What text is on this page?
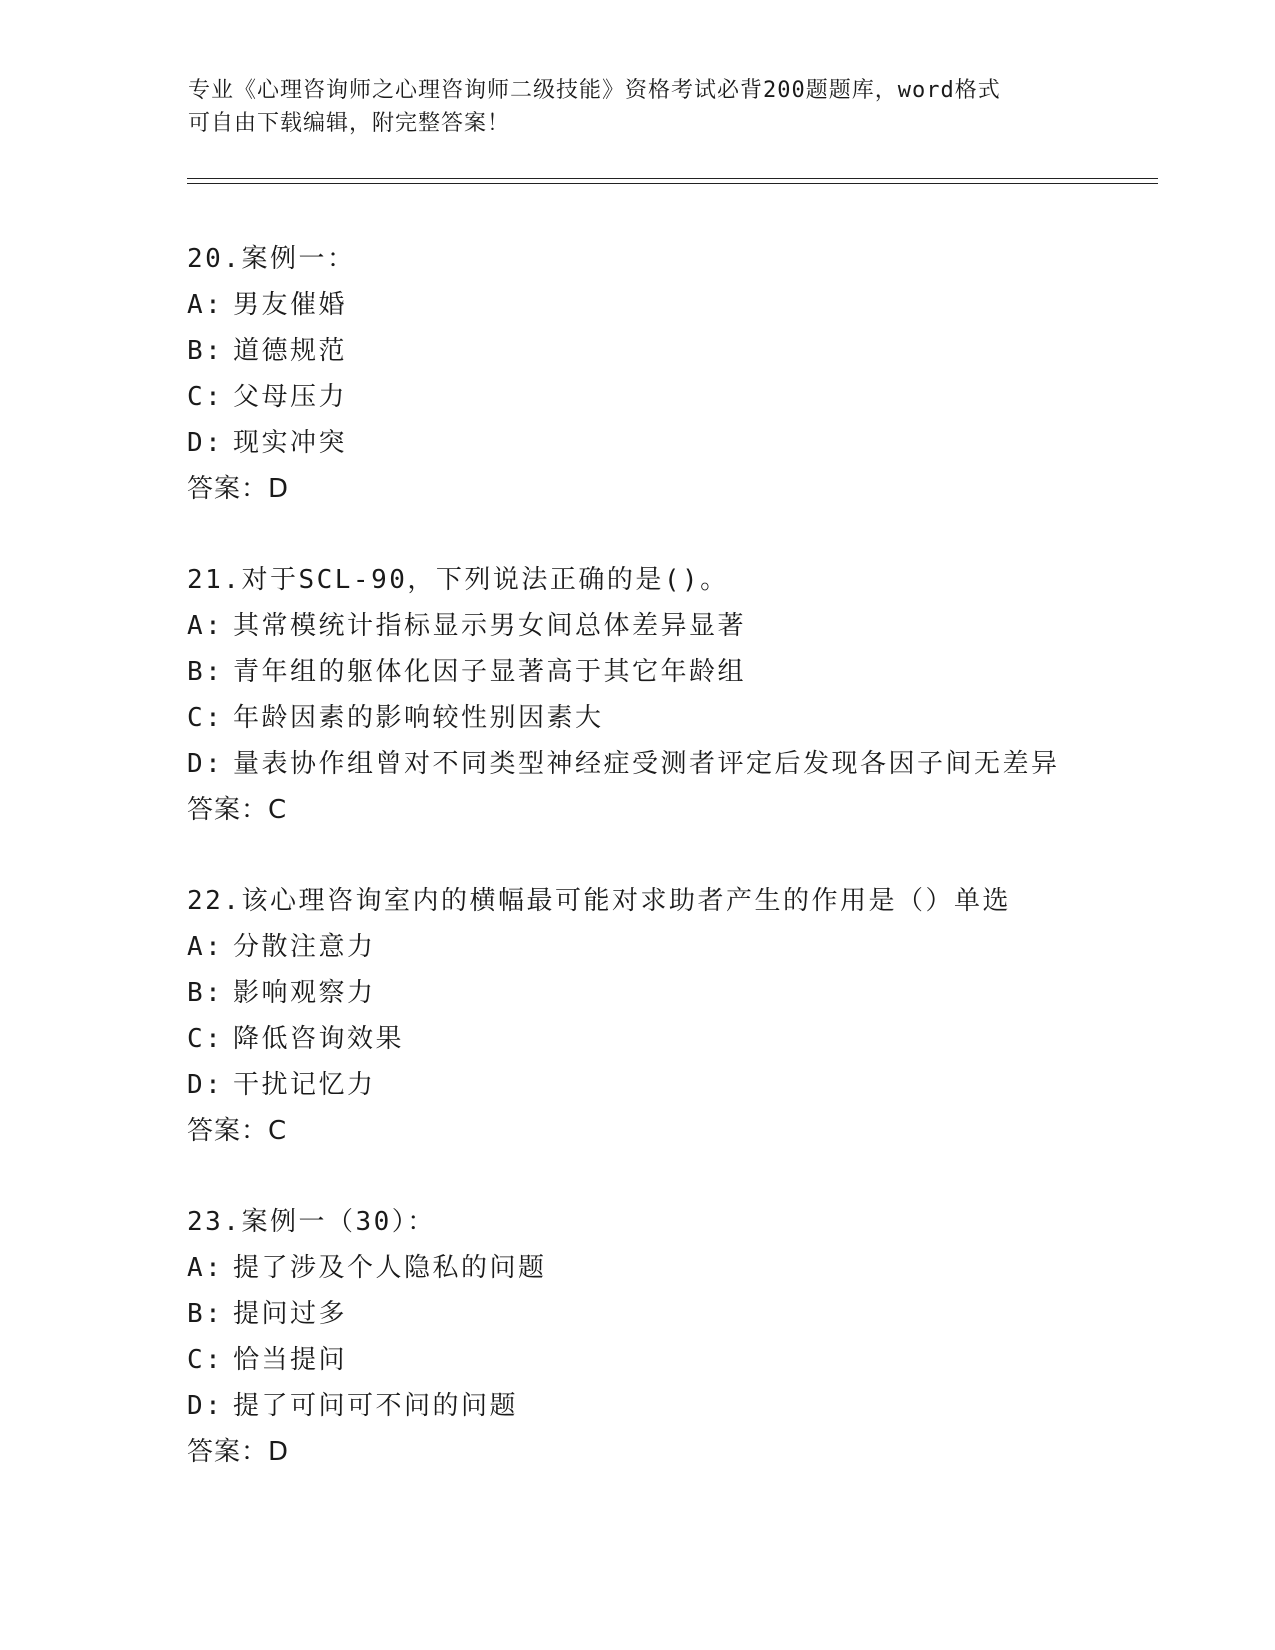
专业《心理咨询师之心理咨询师二级技能》资格考试必背200题题库，word格式
可自由下载编辑，附完整答案！
20.案例一：
A: 男友催婚
B: 道德规范
C: 父母压力
D: 现实冲突
答案：D
21.对于SCL-90，下列说法正确的是()。
A: 其常模统计指标显示男女间总体差异显著
B: 青年组的躯体化因子显著高于其它年龄组
C: 年龄因素的影响较性别因素大
D: 量表协作组曾对不同类型神经症受测者评定后发现各因子间无差异
答案：C
22.该心理咨询室内的横幅最可能对求助者产生的作用是（）单选
A: 分散注意力
B: 影响观察力
C: 降低咨询效果
D: 干扰记忆力
答案：C
23.案例一（30）：
A: 提了涉及个人隐私的问题
B: 提问过多
C: 恰当提问
D: 提了可问可不问的问题
答案：D
